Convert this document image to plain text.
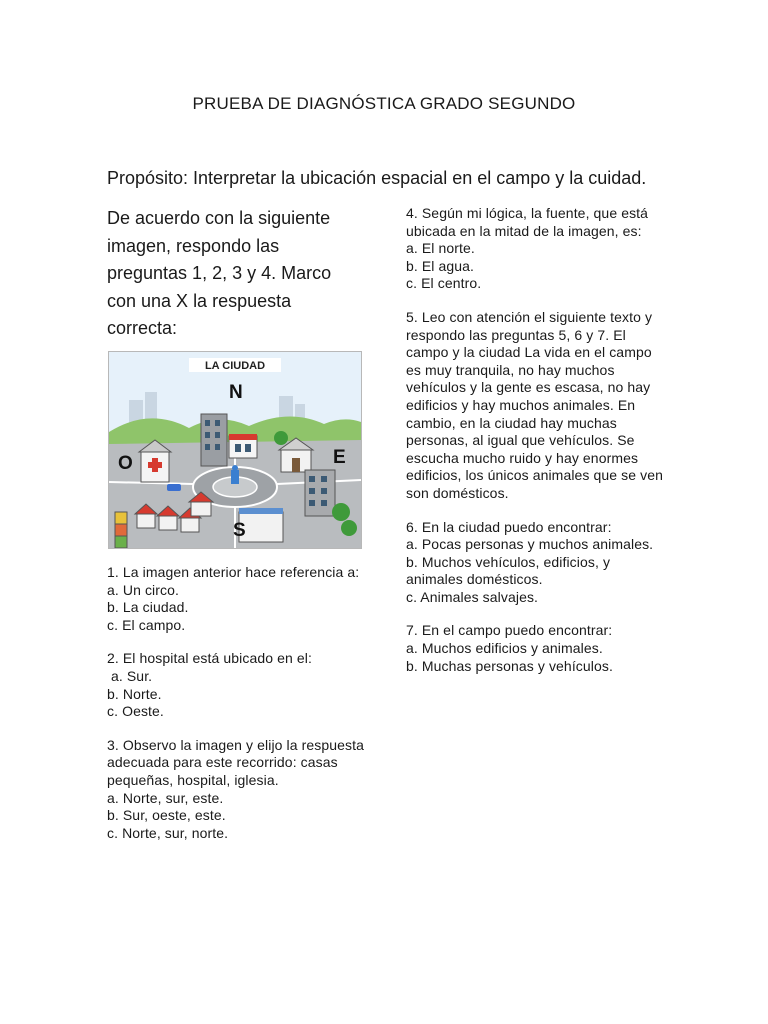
PRUEBA DE DIAGNÓSTICA GRADO SEGUNDO
Propósito: Interpretar la ubicación espacial en el campo y la cuidad.
De acuerdo con la siguiente imagen, respondo las preguntas 1, 2, 3 y 4. Marco con una X la respuesta correcta:
LA CIUDAD
N
O	E
S

1. La imagen anterior hace referencia a:

a. Un circo.
b. La ciudad.
c. El campo.

2. El hospital está ubicado en el:

a. Sur.
b. Norte.
c. Oeste.

3. Observo la imagen y elijo la respuesta adecuada para este recorrido: casas pequeñas, hospital, iglesia.

a. Norte, sur, este.
b. Sur, oeste, este.
c. Norte, sur, norte.

4. Según mi lógica, la fuente, que está ubicada en la mitad de la imagen, es:

a. El norte.
b. El agua.
c. El centro.

5. Leo con atención el siguiente texto y respondo las preguntas 5, 6 y 7. El campo y la ciudad La vida en el campo es muy tranquila, no hay muchos vehículos y la gente es escasa, no hay edificios y hay muchos animales. En cambio, en la ciudad hay muchas personas, al igual que vehículos. Se escucha mucho ruido y hay enormes edificios, los únicos animales que se ven son domésticos.

6. En la ciudad puedo encontrar:

a. Pocas personas y muchos animales.
b. Muchos vehículos, edificios, y animales domésticos.
c. Animales salvajes.

7. En el campo puedo encontrar:

a. Muchos edificios y animales.
b. Muchas personas y vehículos.
